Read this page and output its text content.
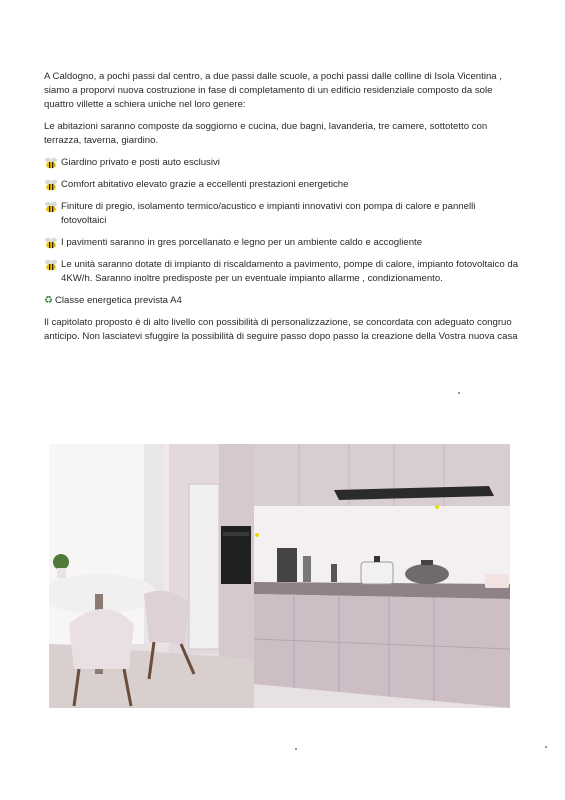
A Caldogno, a pochi passi dal centro, a due passi dalle scuole, a pochi passi dalle colline di Isola Vicentina , siamo a proporvi nuova costruzione in fase di completamento di un edificio residenziale composto da sole quattro villette a schiera uniche nel loro genere:

Le abitazioni saranno composte da soggiorno e cucina, due bagni, lavanderia, tre camere, sottotetto con terrazza, taverna, giardino.

Giardino privato e posti auto esclusivi
Comfort abitativo elevato grazie a eccellenti prestazioni energetiche
Finiture di pregio, isolamento termico/acustico e impianti innovativi con pompa di calore e pannelli fotovoltaici
I pavimenti saranno in gres porcellanato e legno per un ambiente caldo e accogliente
Le unità saranno dotate di impianto di riscaldamento a pavimento, pompe di calore, impianto fotovoltaico da 4KW/h. Saranno inoltre predisposte per un eventuale impianto allarme , condizionamento.
♻ Classe energetica prevista A4

Il capitolato proposto è di alto livello con possibilità di personalizzazione, se concordata con adeguato congruo anticipo. Non lasciatevi sfuggire la possibilità di seguire passo dopo passo la creazione della Vostra nuova casa
